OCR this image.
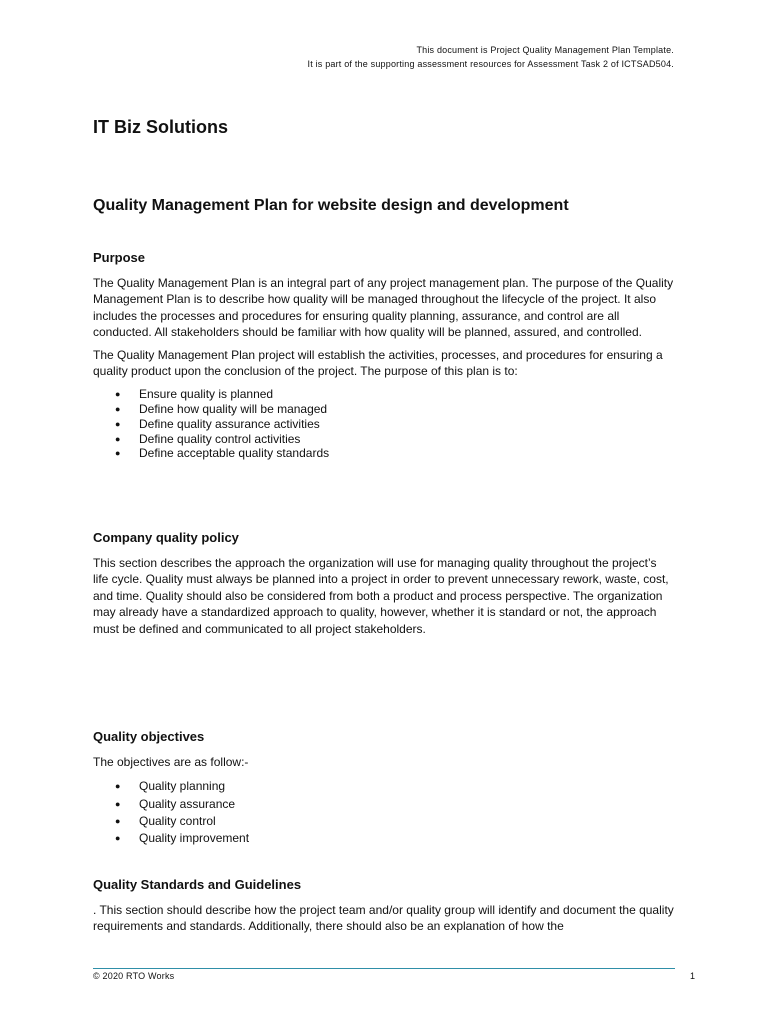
This document is Project Quality Management Plan Template.
It is part of the supporting assessment resources for Assessment Task 2 of ICTSAD504.
IT Biz Solutions
Quality Management Plan for website design and development
Purpose

The Quality Management Plan is an integral part of any project management plan. The purpose of the Quality Management Plan is to describe how quality will be managed throughout the lifecycle of the project. It also includes the processes and procedures for ensuring quality planning, assurance, and control are all conducted. All stakeholders should be familiar with how quality will be planned, assured, and controlled.

The Quality Management Plan project will establish the activities, processes, and procedures for ensuring a quality product upon the conclusion of the project. The purpose of this plan is to:

● Ensure quality is planned
● Define how quality will be managed
● Define quality assurance activities
● Define quality control activities
● Define acceptable quality standards
Company quality policy

This section describes the approach the organization will use for managing quality throughout the project’s life cycle. Quality must always be planned into a project in order to prevent unnecessary rework, waste, cost, and time. Quality should also be considered from both a product and process perspective. The organization may already have a standardized approach to quality, however, whether it is standard or not, the approach must be defined and communicated to all project stakeholders.

Quality objectives

The objectives are as follow:-

● Quality planning
● Quality assurance
● Quality control
● Quality improvement
Quality Standards and Guidelines

. This section should describe how the project team and/or quality group will identify and document the quality requirements and standards. Additionally, there should also be an explanation of how the

© 2020 RTO Works	1
